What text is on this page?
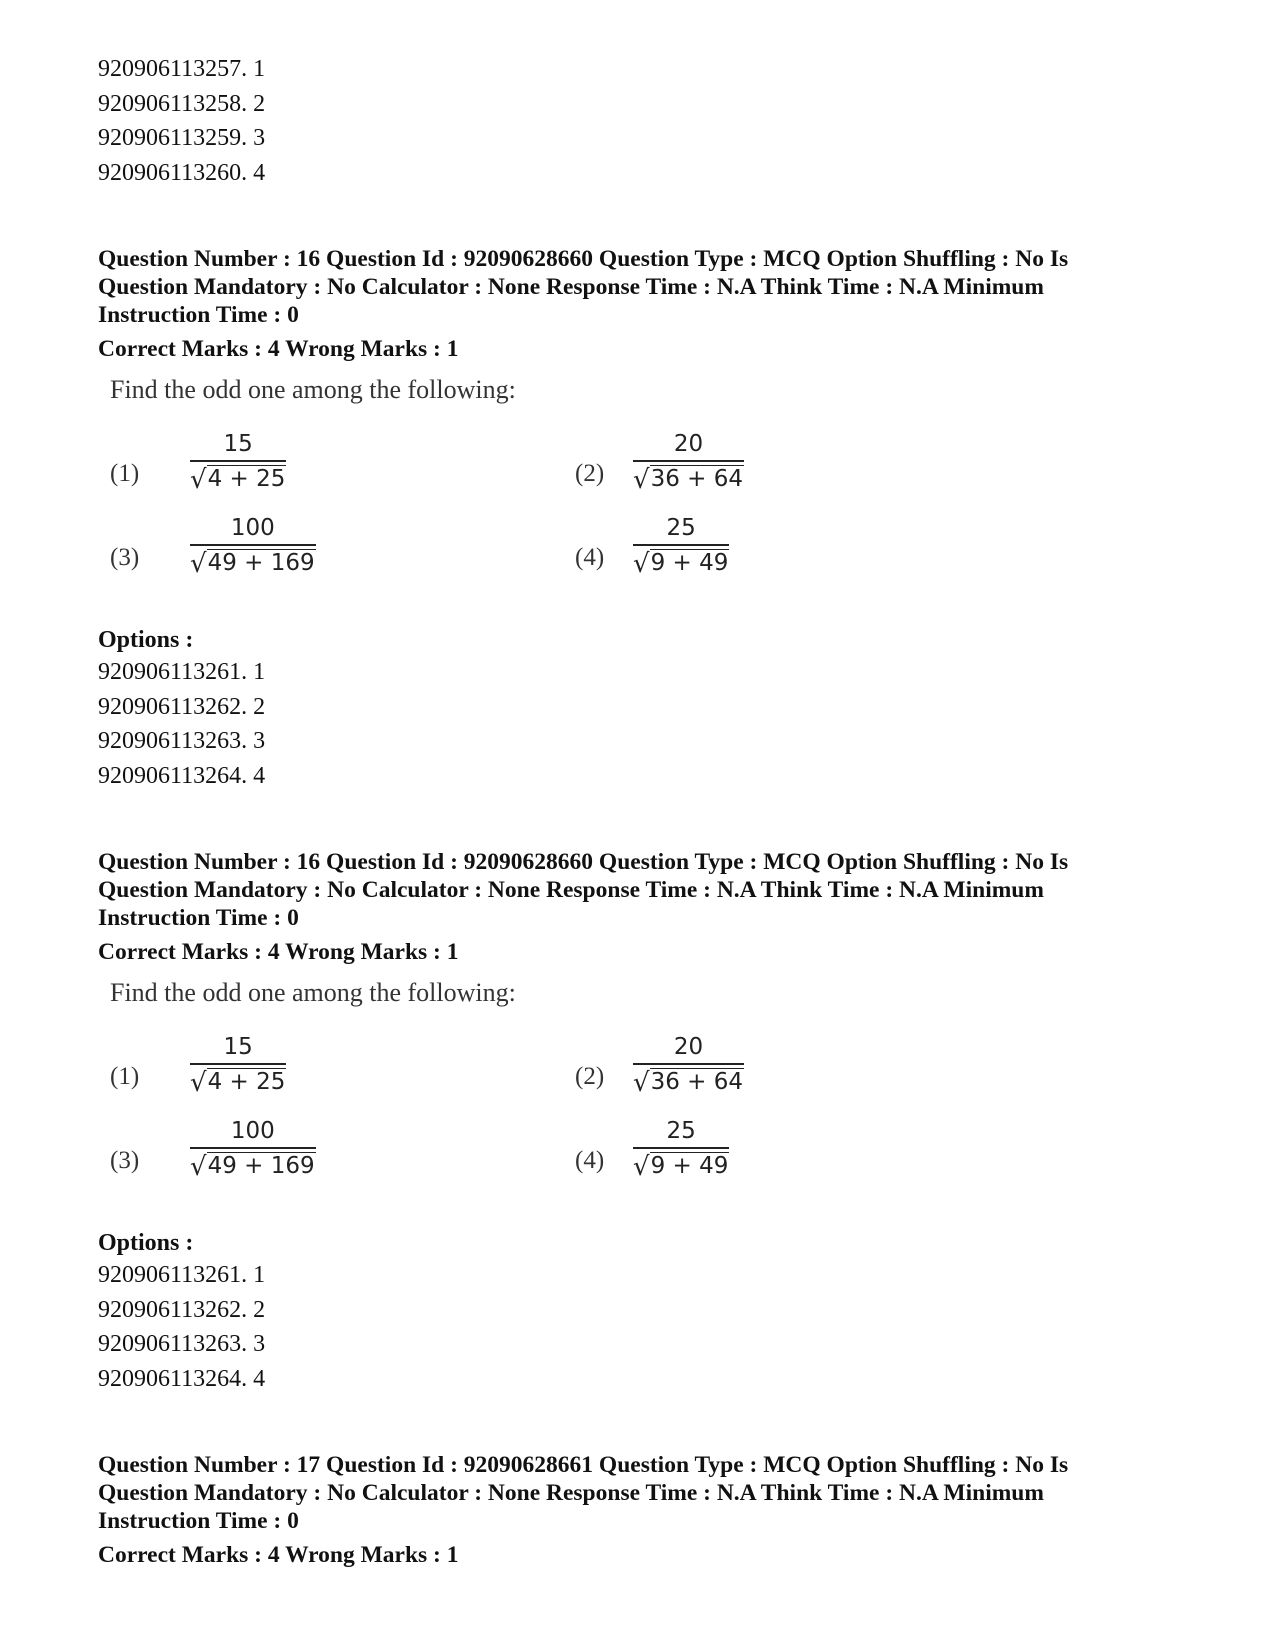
920906113257. 1

920906113258. 2

920906113259. 3

920906113260. 4

Question Number : 16 Question Id : 92090628660 Question Type : MCQ Option Shuffling : No Is

Question Mandatory : No Calculator : None Response Time : N.A Think Time : N.A Minimum

Instruction Time : 0

Correct Marks : 4 Wrong Marks : 1
Find the odd one among the following:
(1)
15
√4 + 25	(2)
20
√36 + 64
(3)
100
√49 + 169	(4)
25
√9 + 49
Options :

920906113261. 1

920906113262. 2

920906113263. 3

920906113264. 4

Question Number : 16 Question Id : 92090628660 Question Type : MCQ Option Shuffling : No Is

Question Mandatory : No Calculator : None Response Time : N.A Think Time : N.A Minimum

Instruction Time : 0

Correct Marks : 4 Wrong Marks : 1
Find the odd one among the following:
(1)
15
√4 + 25	(2)
20
√36 + 64
(3)
100
√49 + 169	(4)
25
√9 + 49
Options :

920906113261. 1

920906113262. 2

920906113263. 3

920906113264. 4

Question Number : 17 Question Id : 92090628661 Question Type : MCQ Option Shuffling : No Is

Question Mandatory : No Calculator : None Response Time : N.A Think Time : N.A Minimum

Instruction Time : 0

Correct Marks : 4 Wrong Marks : 1
